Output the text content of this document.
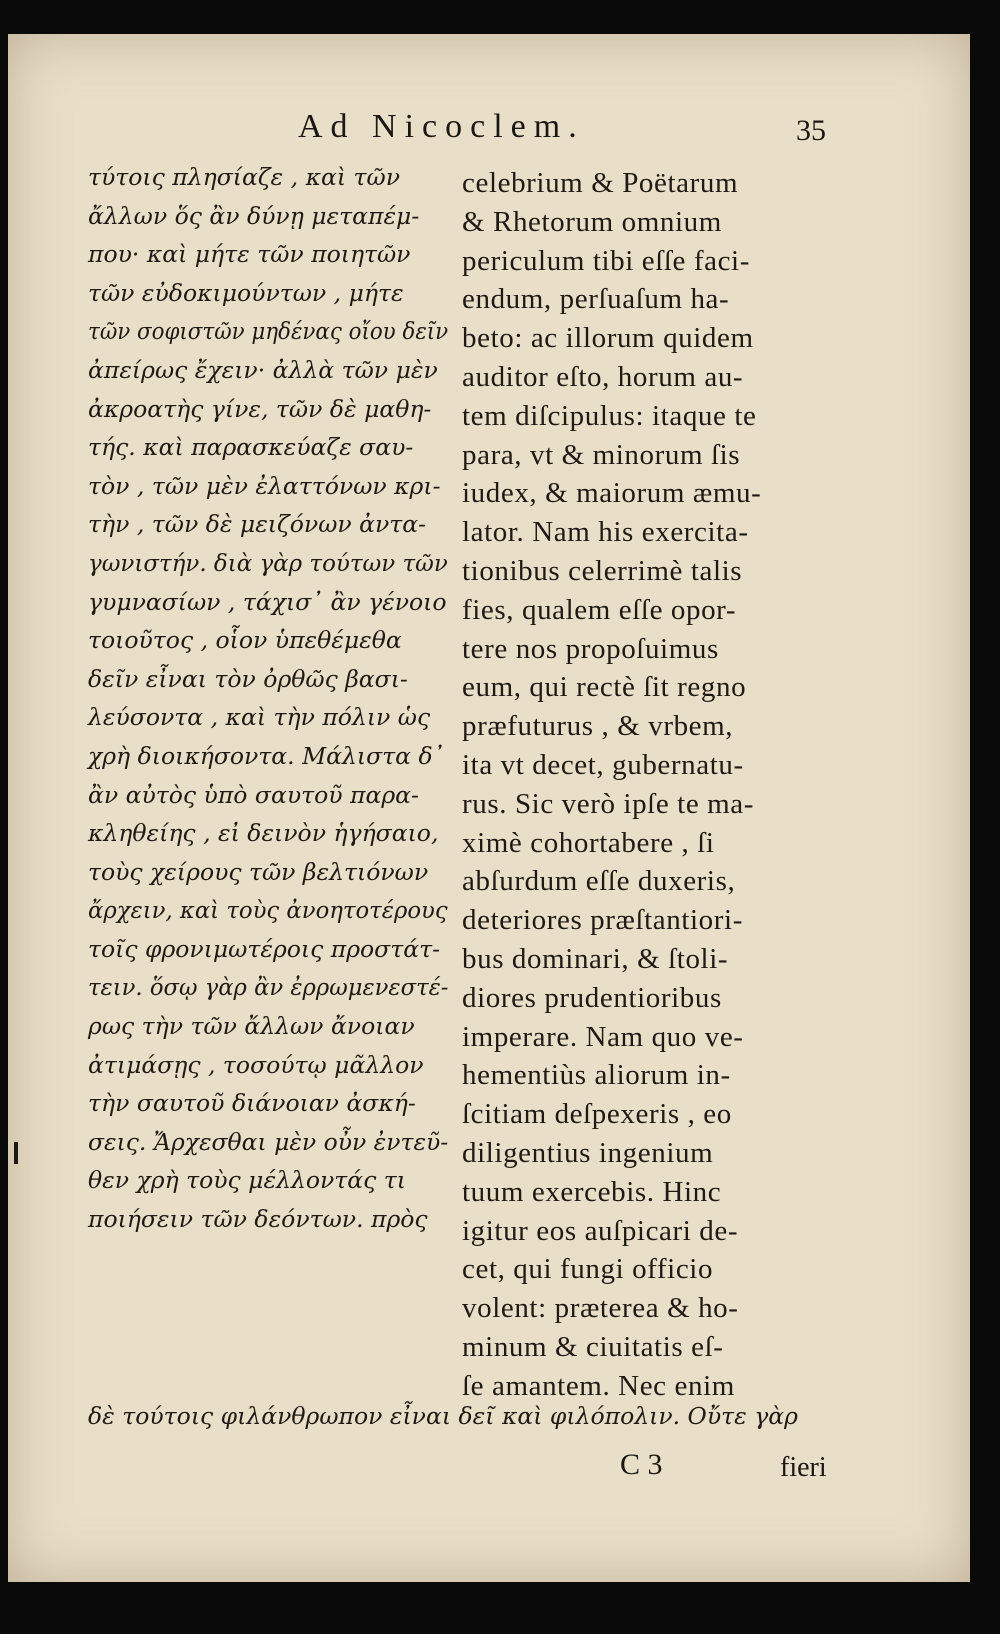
Ad Nicoclem.	35
τύτοις πλησίαζε , καὶ τῶν
ἄλλων ὅς ἂν δύνῃ μεταπέμ-
που· καὶ μήτε τῶν ποιητῶν
τῶν εὐδοκιμούντων , μήτε
τῶν σοφιστῶν μηδένας οἴου δεῖν
ἀπείρως ἔχειν· ἀλλὰ τῶν μὲν
ἀκροατὴς γίνε, τῶν δὲ μαθη-
τής. καὶ παρασκεύαζε σαυ-
τὸν , τῶν μὲν ἐλαττόνων κρι-
τὴν , τῶν δὲ μειζόνων ἀντα-
γωνιστήν. διὰ γὰρ τούτων τῶν
γυμνασίων , τάχισ᾽ ἂν γένοιο
τοιοῦτος , οἷον ὑπεθέμεθα
δεῖν εἶναι τὸν ὀρθῶς βασι-
λεύσοντα , καὶ τὴν πόλιν ὡς
χρὴ διοικήσοντα. Μάλιστα δ᾽
ἂν αὐτὸς ὑπὸ σαυτοῦ παρα-
κληθείης , εἰ δεινὸν ἡγήσαιο,
τοὺς χείρους τῶν βελτιόνων
ἄρχειν, καὶ τοὺς ἀνοητοτέρους
τοῖς φρονιμωτέροις προστάτ-
τειν. ὅσῳ γὰρ ἂν ἐρρωμενεστέ-
ρως τὴν τῶν ἄλλων ἄνοιαν
ἀτιμάσῃς , τοσούτῳ μᾶλλον
τὴν σαυτοῦ διάνοιαν ἀσκή-
σεις. Ἄρχεσθαι μὲν οὖν ἐντεῦ-
θεν χρὴ τοὺς μέλλοντάς τι
ποιήσειν τῶν δεόντων. πρὸς
celebrium & Poëtarum
& Rhetorum omnium
periculum tibi eſſe faci-
endum, perſuaſum ha-
beto: ac illorum quidem
auditor eſto, horum au-
tem diſcipulus: itaque te
para, vt & minorum ſis
iudex, & maiorum æmu-
lator. Nam his exercita-
tionibus celerrimè talis
fies, qualem eſſe opor-
tere nos propoſuimus
eum, qui rectè ſit regno
præfuturus , & vrbem,
ita vt decet, gubernatu-
rus. Sic verò ipſe te ma-
ximè cohortabere , ſi
abſurdum eſſe duxeris,
deteriores præſtantiori-
bus dominari, & ſtoli-
diores prudentioribus
imperare. Nam quo ve-
hementiùs aliorum in-
ſcitiam deſpexeris , eo
diligentius ingenium
tuum exercebis. Hinc
igitur eos auſpicari de-
cet, qui fungi officio
volent: præterea & ho-
minum & ciuitatis eſ-
ſe amantem. Nec enim
δὲ τούτοις φιλάνθρωπον εἶναι δεῖ καὶ φιλόπολιν. Οὔτε γὰρ
C 3	fieri
